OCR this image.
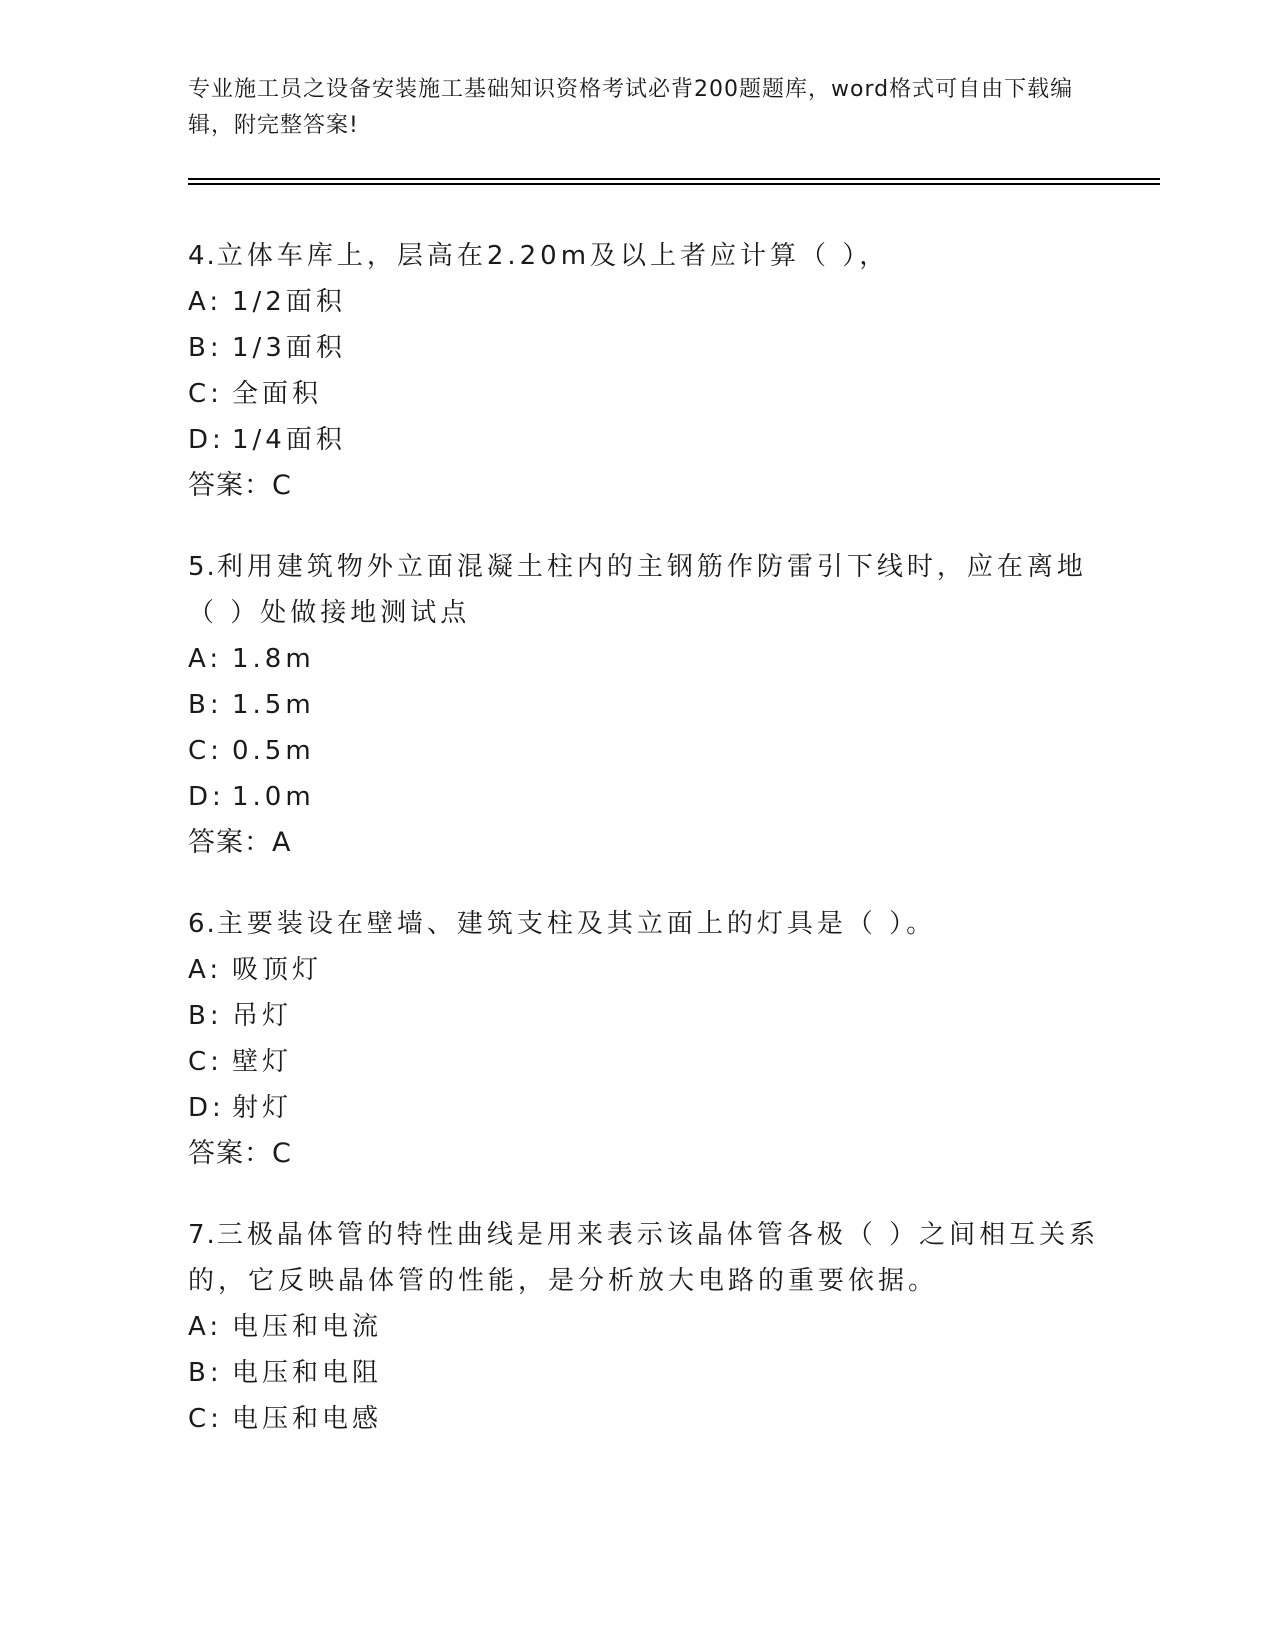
专业施工员之设备安装施工基础知识资格考试必背200题题库，word格式可自由下载编辑，附完整答案!
4.立体车库上，层高在2.20m及以上者应计算（ ），
A: 1/2面积
B: 1/3面积
C: 全面积
D: 1/4面积
答案：C
5.利用建筑物外立面混凝土柱内的主钢筋作防雷引下线时，应在离地
（ ）处做接地测试点
A: 1.8m
B: 1.5m
C: 0.5m
D: 1.0m
答案：A
6.主要装设在壁墙、建筑支柱及其立面上的灯具是（ ）。
A: 吸顶灯
B: 吊灯
C: 壁灯
D: 射灯
答案：C
7.三极晶体管的特性曲线是用来表示该晶体管各极（ ）之间相互关系
的，它反映晶体管的性能，是分析放大电路的重要依据。
A: 电压和电流
B: 电压和电阻
C: 电压和电感
